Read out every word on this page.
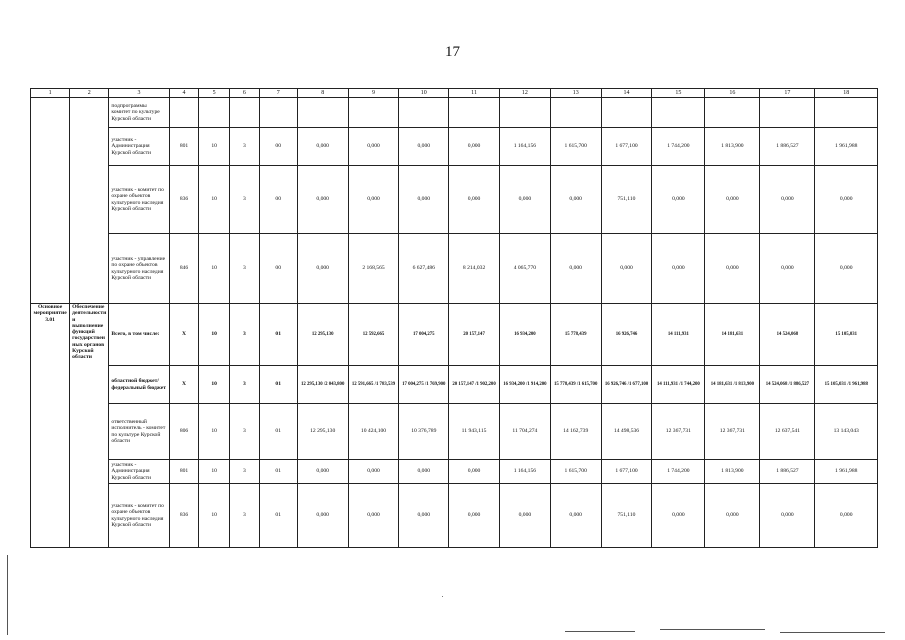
17
1	2	3	4	5	6	7	8	9	10	11	12	13	14	15	16	17	18
		подпрограммы комитет по культуре Курской области															
		участник - Администрация Курской области	801	10	3	00	0,000	0,000	0,000	0,000	1 164,156	1 615,700	1 677,100	1 744,200	1 813,900	1 886,527	1 961,988
		участник - комитет по охране объектов культурного наследия Курской области	836	10	3	00	0,000	0,000	0,000	0,000	0,000	0,000	751,110	0,000	0,000	0,000	0,000
		участник - управление по охране объектов культурного наследия Курской области	846	10	3	00	0,000	2 168,565	6 627,486	8 214,032	4 065,770	0,000	0,000	0,000	0,000	0,000	0,000
Основное мероприятие 3.01	Обеспечение деятельности и выполнение функций государственных органов Курской области	Всего, в том числе:	X	10	3	01	12 295,130	12 592,665	17 004,275	20 157,147	16 934,200	15 778,439	16 926,746	14 111,931	14 181,631	14 524,068	15 105,031
		областной бюджет/ федеральный бюджет	X	10	3	01	12 295,130 /2 043,800	12 591,665 /1 783,539	17 004,275 /1 769,900	20 157,147 /1 902,200	16 934,200 /1 914,200	15 778,439 /1 615,700	16 926,746 /1 677,100	14 111,931 /1 744,200	14 181,631 /1 813,900	14 524,068 /1 886,527	15 105,031 /1 961,988
		ответственный исполнитель - комитет по культуре Курской области	806	10	3	01	12 295,130	10 424,100	10 376,789	11 943,115	11 704,274	14 162,739	14 498,536	12 367,731	12 367,731	12 637,541	13 143,043
		участник - Администрация Курской области	801	10	3	01	0,000	0,000	0,000	0,000	1 164,156	1 615,700	1 677,100	1 744,200	1 813,900	1 886,527	1 961,988
		участник - комитет по охране объектов культурного наследия Курской области	836	10	3	01	0,000	0,000	0,000	0,000	0,000	0,000	751,110	0,000	0,000	0,000	0,000
